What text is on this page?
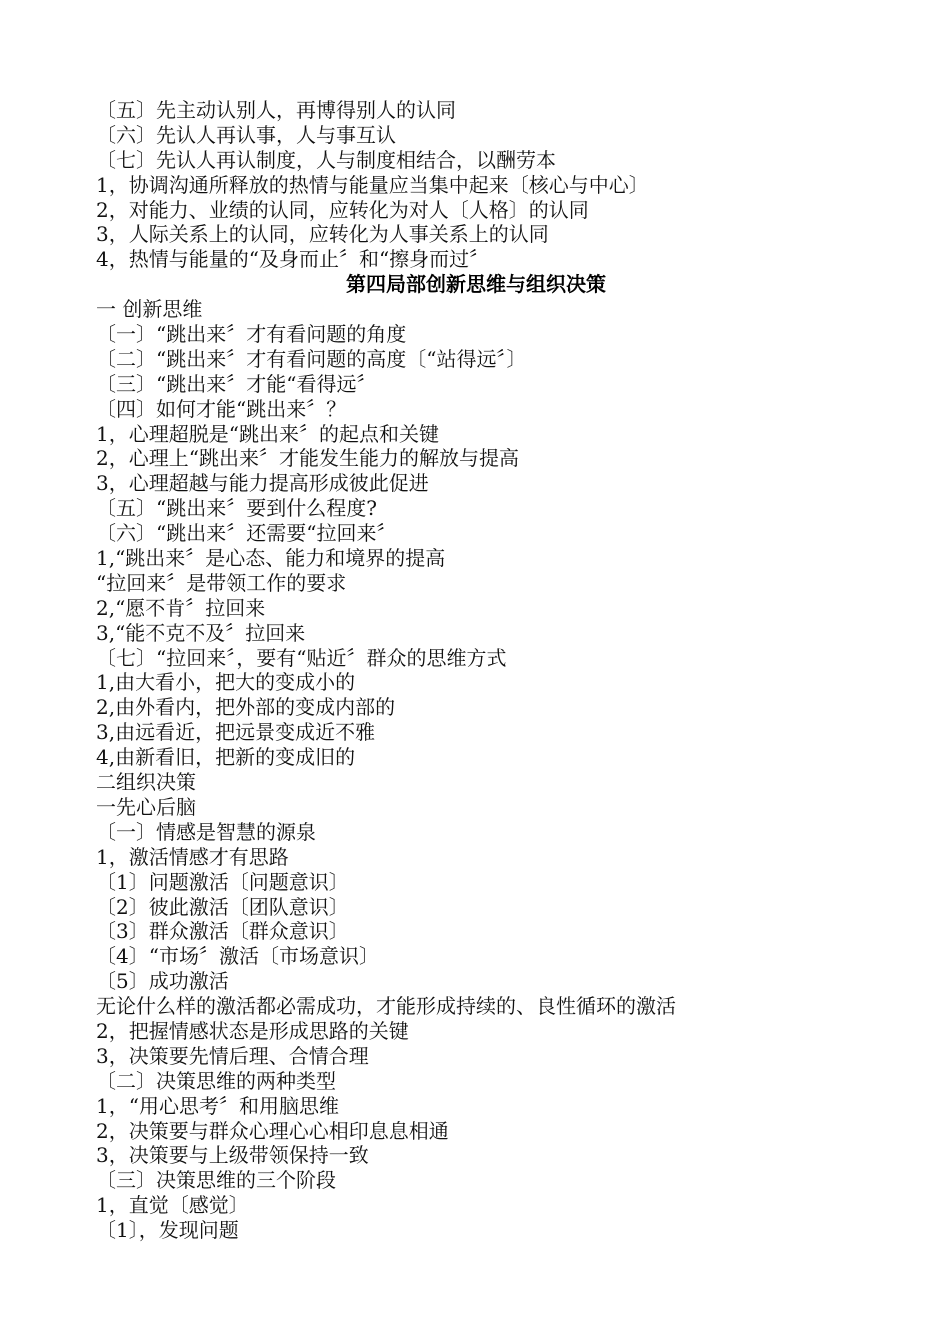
〔五〕先主动认别人，再博得别人的认同
〔六〕先认人再认事，人与事互认
〔七〕先认人再认制度，人与制度相结合，以酬劳本
1，协调沟通所释放的热情与能量应当集中起来〔核心与中心〕
2，对能力、业绩的认同，应转化为对人〔人格〕的认同
3，人际关系上的认同，应转化为人事关系上的认同
4，热情与能量的“及身而止〞和“擦身而过〞
第四局部创新思维与组织决策
一 创新思维
〔一〕“跳出来〞才有看问题的角度
〔二〕“跳出来〞才有看问题的高度〔“站得远〞〕
〔三〕“跳出来〞才能“看得远〞
〔四〕如何才能“跳出来〞？
1，心理超脱是“跳出来〞的起点和关键
2，心理上“跳出来〞才能发生能力的解放与提高
3，心理超越与能力提高形成彼此促进
〔五〕“跳出来〞要到什么程度?
〔六〕“跳出来〞还需要“拉回来〞
1,“跳出来〞是心态、能力和境界的提高
“拉回来〞是带领工作的要求
2,“愿不肯〞拉回来
3,“能不克不及〞拉回来
〔七〕“拉回来〞，要有“贴近〞群众的思维方式
1,由大看小，把大的变成小的
2,由外看内，把外部的变成内部的
3,由远看近，把远景变成近不雅
4,由新看旧，把新的变成旧的
二组织决策
一先心后脑
〔一〕情感是智慧的源泉
1，激活情感才有思路
〔1〕问题激活〔问题意识〕
〔2〕彼此激活〔团队意识〕
〔3〕群众激活〔群众意识〕
〔4〕“市场〞激活〔市场意识〕
〔5〕成功激活
无论什么样的激活都必需成功，才能形成持续的、良性循环的激活
2，把握情感状态是形成思路的关键
3，决策要先情后理、合情合理
〔二〕决策思维的两种类型
1，“用心思考〞和用脑思维
2，决策要与群众心理心心相印息息相通
3，决策要与上级带领保持一致
〔三〕决策思维的三个阶段
1，直觉〔感觉〕
〔1〕，发现问题
